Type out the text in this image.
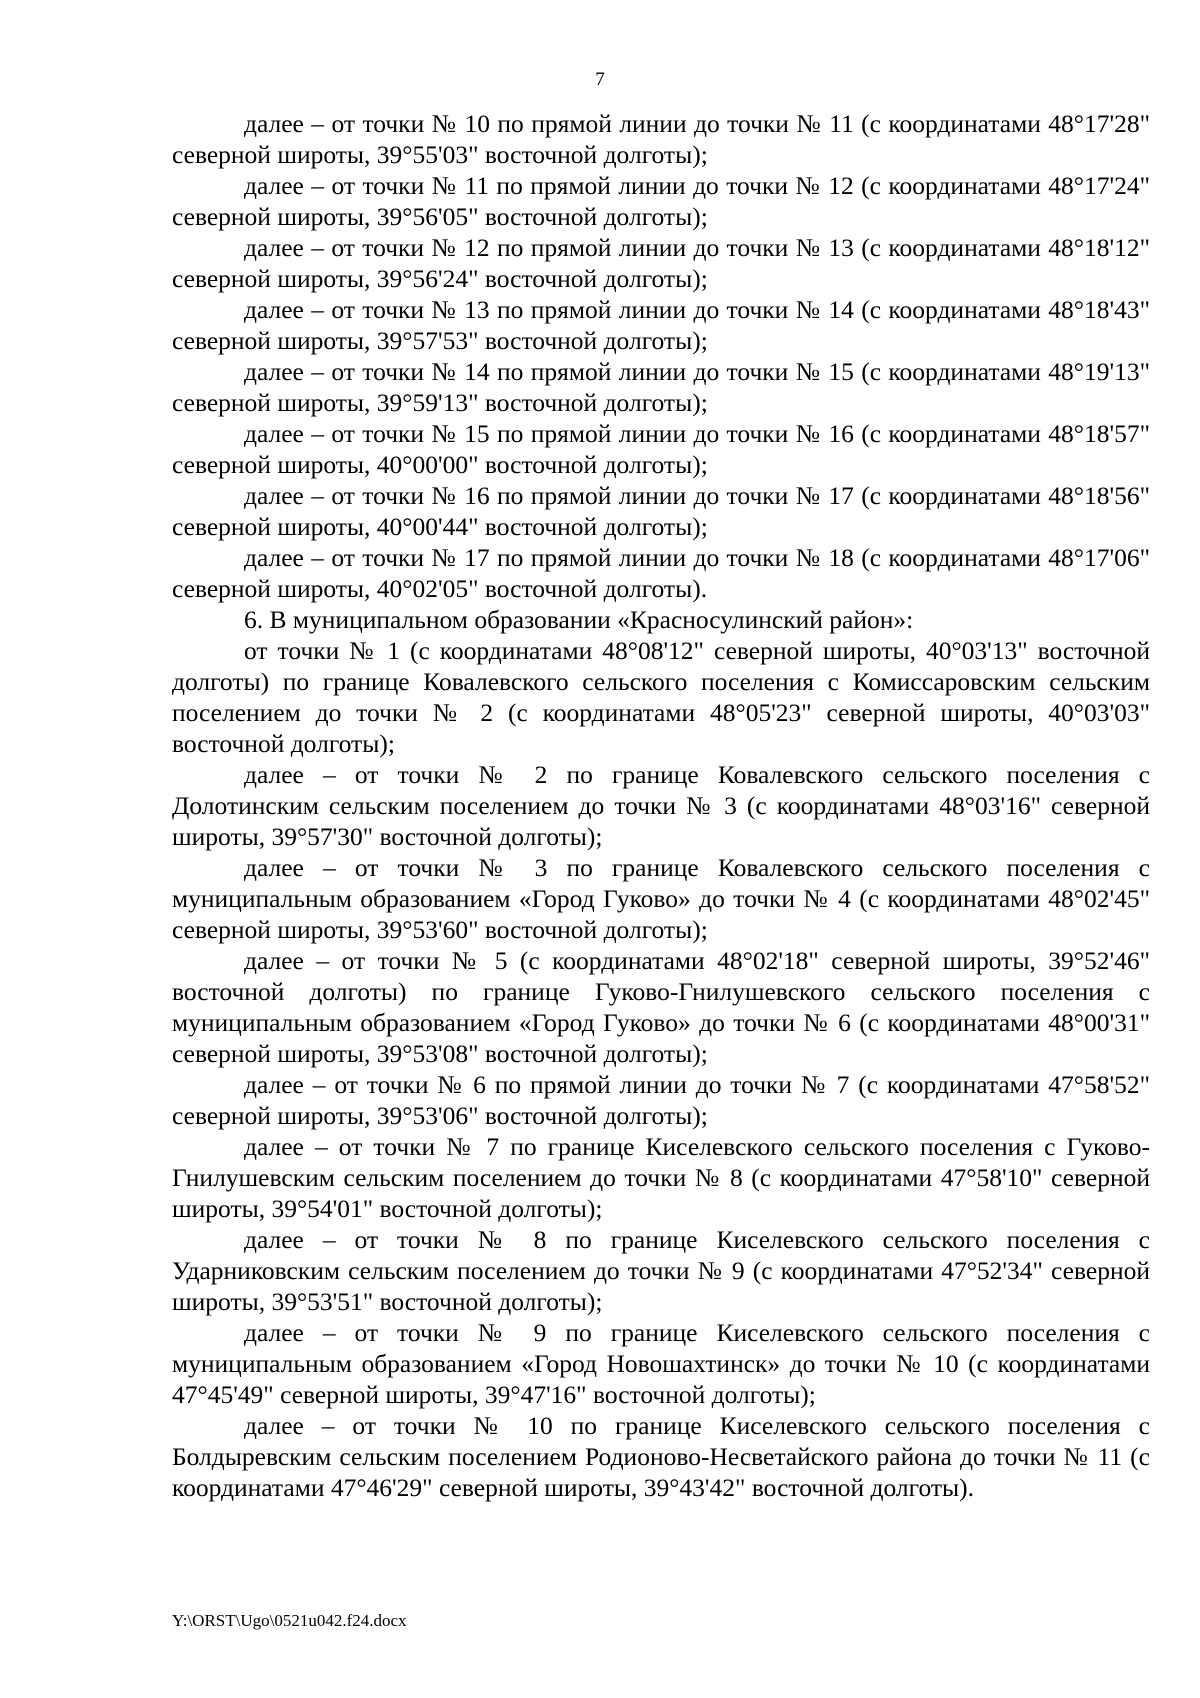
7

далее – от точки № 10 по прямой линии до точки № 11 (с координатами 48°17'28" северной широты, 39°55'03" восточной долготы);

далее – от точки № 11 по прямой линии до точки № 12 (с координатами 48°17'24" северной широты, 39°56'05" восточной долготы);

далее – от точки № 12 по прямой линии до точки № 13 (с координатами 48°18'12" северной широты, 39°56'24" восточной долготы);

далее – от точки № 13 по прямой линии до точки № 14 (с координатами 48°18'43" северной широты, 39°57'53" восточной долготы);

далее – от точки № 14 по прямой линии до точки № 15 (с координатами 48°19'13" северной широты, 39°59'13" восточной долготы);

далее – от точки № 15 по прямой линии до точки № 16 (с координатами 48°18'57" северной широты, 40°00'00" восточной долготы);

далее – от точки № 16 по прямой линии до точки № 17 (с координатами 48°18'56" северной широты, 40°00'44" восточной долготы);

далее – от точки № 17 по прямой линии до точки № 18 (с координатами 48°17'06" северной широты, 40°02'05" восточной долготы).

6. В муниципальном образовании «Красносулинский район»:

от точки № 1 (с координатами 48°08'12" северной широты, 40°03'13" восточной долготы) по границе Ковалевского сельского поселения с Комиссаровским сельским поселением до точки № 2 (с координатами 48°05'23" северной широты, 40°03'03" восточной долготы);

далее – от точки № 2 по границе Ковалевского сельского поселения с Долотинским сельским поселением до точки № 3 (с координатами 48°03'16" северной широты, 39°57'30" восточной долготы);

далее – от точки № 3 по границе Ковалевского сельского поселения с муниципальным образованием «Город Гуково» до точки № 4 (с координатами 48°02'45" северной широты, 39°53'60" восточной долготы);

далее – от точки № 5 (с координатами 48°02'18" северной широты, 39°52'46" восточной долготы) по границе Гуково-Гнилушевского сельского поселения с муниципальным образованием «Город Гуково» до точки № 6 (с координатами 48°00'31" северной широты, 39°53'08" восточной долготы);

далее – от точки № 6 по прямой линии до точки № 7 (с координатами 47°58'52" северной широты, 39°53'06" восточной долготы);

далее – от точки № 7 по границе Киселевского сельского поселения с Гуково-Гнилушевским сельским поселением до точки № 8 (с координатами 47°58'10" северной широты, 39°54'01" восточной долготы);

далее – от точки № 8 по границе Киселевского сельского поселения с Ударниковским сельским поселением до точки № 9 (с координатами 47°52'34" северной широты, 39°53'51" восточной долготы);

далее – от точки № 9 по границе Киселевского сельского поселения с муниципальным образованием «Город Новошахтинск» до точки № 10 (с координатами 47°45'49" северной широты, 39°47'16" восточной долготы);

далее – от точки № 10 по границе Киселевского сельского поселения с Болдыревским сельским поселением Родионово-Несветайского района до точки № 11 (с координатами 47°46'29" северной широты, 39°43'42" восточной долготы).

Y:\ORST\Ugo\0521u042.f24.docx
